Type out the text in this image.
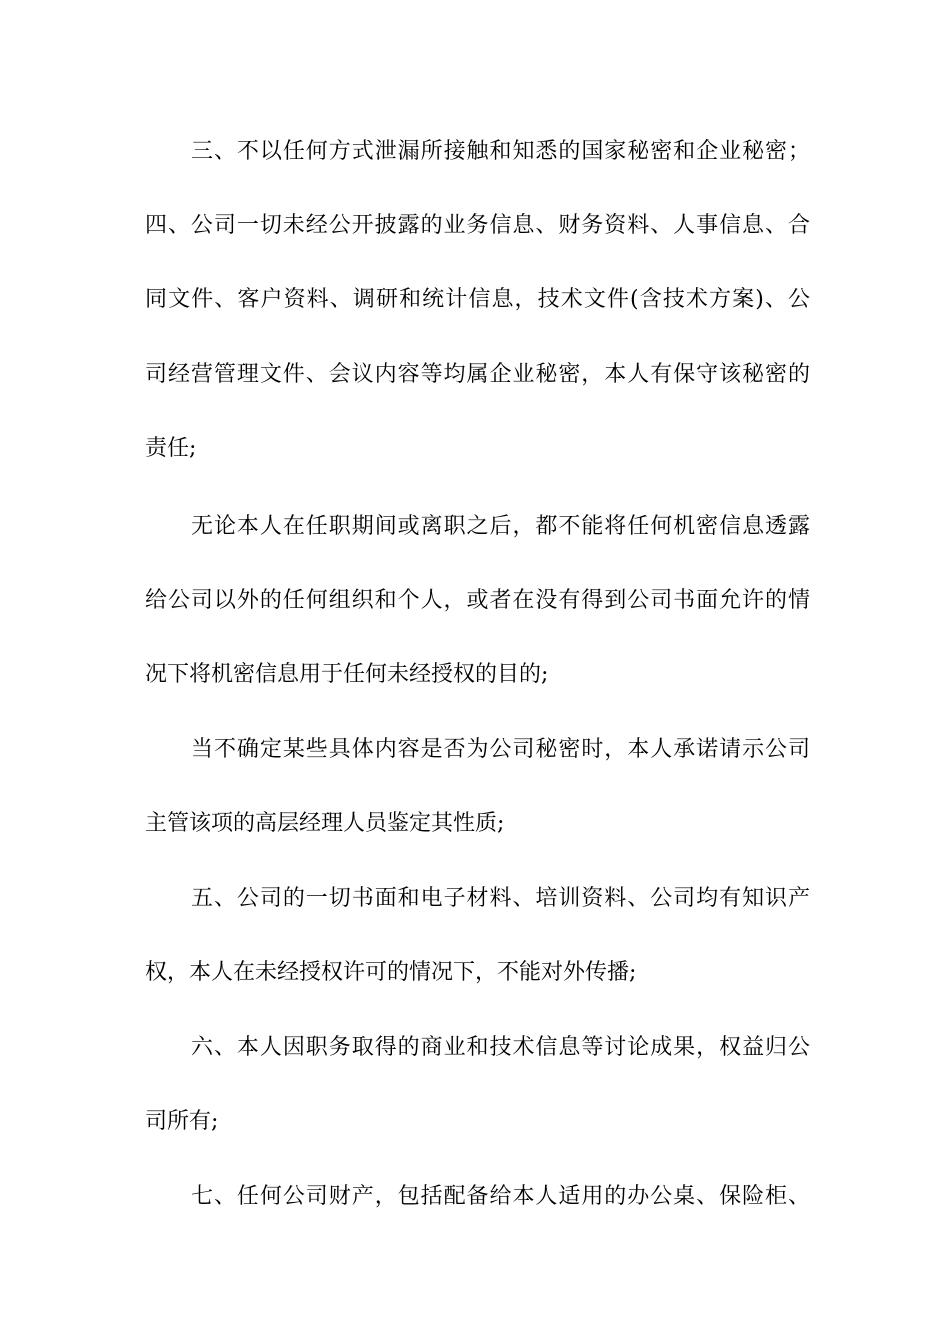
三、不以任何方式泄漏所接触和知悉的国家秘密和企业秘密；
四、公司一切未经公开披露的业务信息、财务资料、人事信息、合
同文件、客户资料、调研和统计信息，技术文件(含技术方案)、公
司经营管理文件、会议内容等均属企业秘密，本人有保守该秘密的
责任;
无论本人在任职期间或离职之后，都不能将任何机密信息透露
给公司以外的任何组织和个人，或者在没有得到公司书面允许的情
况下将机密信息用于任何未经授权的目的;
当不确定某些具体内容是否为公司秘密时，本人承诺请示公司
主管该项的高层经理人员鉴定其性质;
五、公司的一切书面和电子材料、培训资料、公司均有知识产
权，本人在未经授权许可的情况下，不能对外传播;
六、本人因职务取得的商业和技术信息等讨论成果，权益归公
司所有;
七、任何公司财产，包括配备给本人适用的办公桌、保险柜、
